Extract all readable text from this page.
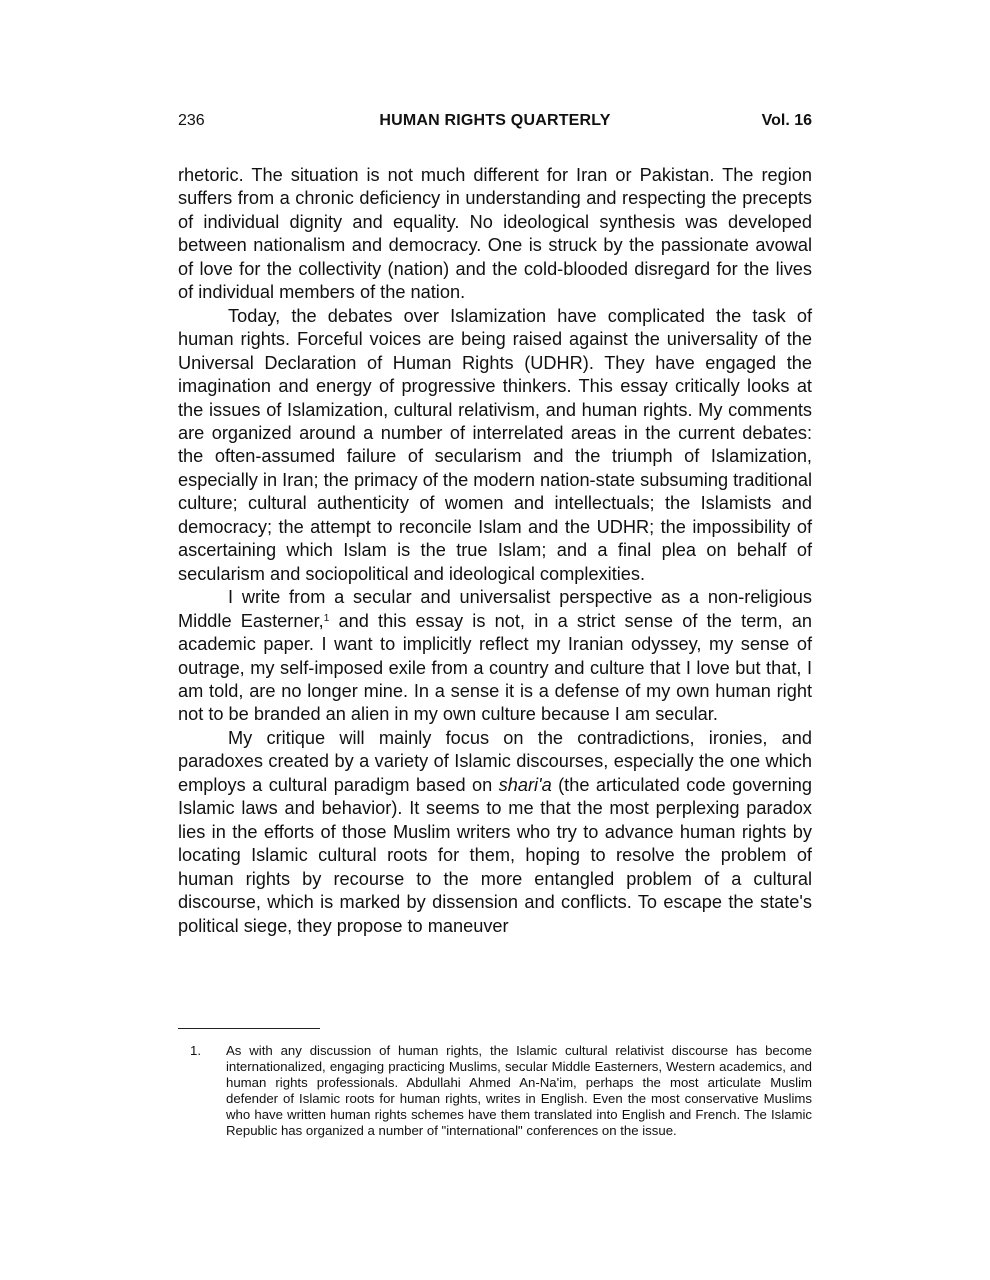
236	HUMAN RIGHTS QUARTERLY	Vol. 16

rhetoric. The situation is not much different for Iran or Pakistan. The region suffers from a chronic deficiency in understanding and respecting the precepts of individual dignity and equality. No ideological synthesis was developed between nationalism and democracy. One is struck by the passionate avowal of love for the collectivity (nation) and the cold-blooded disregard for the lives of individual members of the nation.

Today, the debates over Islamization have complicated the task of human rights. Forceful voices are being raised against the universality of the Universal Declaration of Human Rights (UDHR). They have engaged the imagination and energy of progressive thinkers. This essay critically looks at the issues of Islamization, cultural relativism, and human rights. My comments are organized around a number of interrelated areas in the current debates: the often-assumed failure of secularism and the triumph of Islamization, especially in Iran; the primacy of the modern nation-state subsuming traditional culture; cultural authenticity of women and intellectuals; the Islamists and democracy; the attempt to reconcile Islam and the UDHR; the impossibility of ascertaining which Islam is the true Islam; and a final plea on behalf of secularism and sociopolitical and ideological complexities.

I write from a secular and universalist perspective as a non-religious Middle Easterner,$^1$ and this essay is not, in a strict sense of the term, an academic paper. I want to implicitly reflect my Iranian odyssey, my sense of outrage, my self-imposed exile from a country and culture that I love but that, I am told, are no longer mine. In a sense it is a defense of my own human right not to be branded an alien in my own culture because I am secular.

My critique will mainly focus on the contradictions, ironies, and paradoxes created by a variety of Islamic discourses, especially the one which employs a cultural paradigm based on shari'a (the articulated code governing Islamic laws and behavior). It seems to me that the most perplexing paradox lies in the efforts of those Muslim writers who try to advance human rights by locating Islamic cultural roots for them, hoping to resolve the problem of human rights by recourse to the more entangled problem of a cultural discourse, which is marked by dissension and conflicts. To escape the state's political siege, they propose to maneuver

1.	As with any discussion of human rights, the Islamic cultural relativist discourse has become internationalized, engaging practicing Muslims, secular Middle Easterners, Western academics, and human rights professionals. Abdullahi Ahmed An-Na'im, perhaps the most articulate Muslim defender of Islamic roots for human rights, writes in English. Even the most conservative Muslims who have written human rights schemes have them translated into English and French. The Islamic Republic has organized a number of "international" conferences on the issue.
